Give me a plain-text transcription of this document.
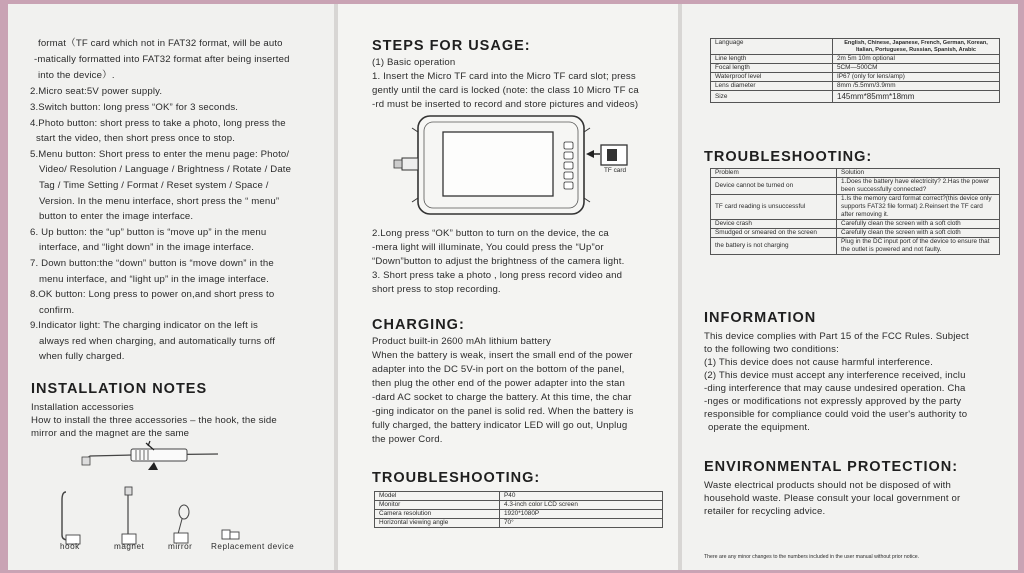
format（TF card which not in FAT32 format, will be auto
-matically formatted into FAT32 format after being inserted
into the device）.
2.Micro seat:5V power supply.
3.Switch button: long press “OK” for 3 seconds.
4.Photo button: short press to take a photo, long press the
start the video, then short press once to stop.
5.Menu button: Short press to enter the menu page: Photo/
Video/ Resolution / Language / Brightness / Rotate / Date
Tag / Time Setting / Format / Reset system / Space /
Version. In the menu interface, short press the “ menu”
button to enter the image interface.
6. Up button: the “up” button is “move up” in the menu
interface, and “light down” in the image interface.
7. Down button:the “down” button is “move down” in the
menu interface, and “light up” in the image interface.
8.OK button: Long press to power on,and short press to
confirm.
9.Indicator light: The charging indicator on the left is
always red when charging, and automatically turns off
when fully charged.
INSTALLATION NOTES
Installation accessories
How to install the three accessories – the hook, the side
mirror and the magnet are the same
hook	magnet	mirror Replacement device
STEPS FOR USAGE:
(1) Basic operation
1. Insert the Micro TF card into the Micro TF card slot; press
gently until the card is locked (note: the class 10 Micro TF ca
-rd must be inserted to record and store pictures and videos)
TF card
2.Long press “OK” button to turn on the device, the ca
-mera light will illuminate, You could press the “Up”or
“Down”button to adjust the brightness of the camera light.
3. Short press take a photo , long press record video and
short press to stop recording.
CHARGING:
Product built-in 2600 mAh lithium battery
When the battery is weak, insert the small end of the power
adapter into the DC 5V-in port on the bottom of the panel,
then plug the other end of the power adapter into the stan
-dard AC socket to charge the battery. At this time, the char
-ging indicator on the panel is solid red. When the battery is
fully charged, the battery indicator LED will go out, Unplug
the power Cord.
TROUBLESHOOTING:
Model	P40
Monitor	4.3-inch color LCD screen
Camera resolution	1920*1080P
Horizontal viewing angle	70°
Language	English, Chinese, Japanese, French, German, Korean, Italian, Portuguese, Russian, Spanish, Arabic
Line length	2m 5m 10m optional
Focal length	5CM—500CM
Waterproof level	IP67 (only for lens/amp)
Lens diameter	8mm /5.5mm/3.9mm
Size	145mm*85mm*18mm
TROUBLESHOOTING:
Problem	Solution
Device cannot be turned on	1.Does the battery have electricity? 2.Has the power been successfully connected?
TF card reading is unsuccessful	1.Is the memory card format correct?(this device only supports FAT32 file format) 2.Reinsert the TF card after removing it.
Device crash	Carefully clean the screen with a soft cloth
Smudged or smeared on the screen	Carefully clean the screen with a soft cloth
the battery is not charging	Plug in the DC input port of the device to ensure that the outlet is powered and not faulty.
INFORMATION
This device complies with Part 15 of the FCC Rules. Subject
to the following two conditions:
(1) This device does not cause harmful interference.
(2) This device must accept any interference received, inclu
-ding interference that may cause undesired operation. Cha
-nges or modifications not expressly approved by the party
responsible for compliance could void the user's authority to
operate the equipment.
ENVIRONMENTAL PROTECTION:
Waste electrical products should not be disposed of with
household waste. Please consult your local government or
retailer for recycling advice.
There are any minor changes to the numbers included in the user manual without prior notice.
